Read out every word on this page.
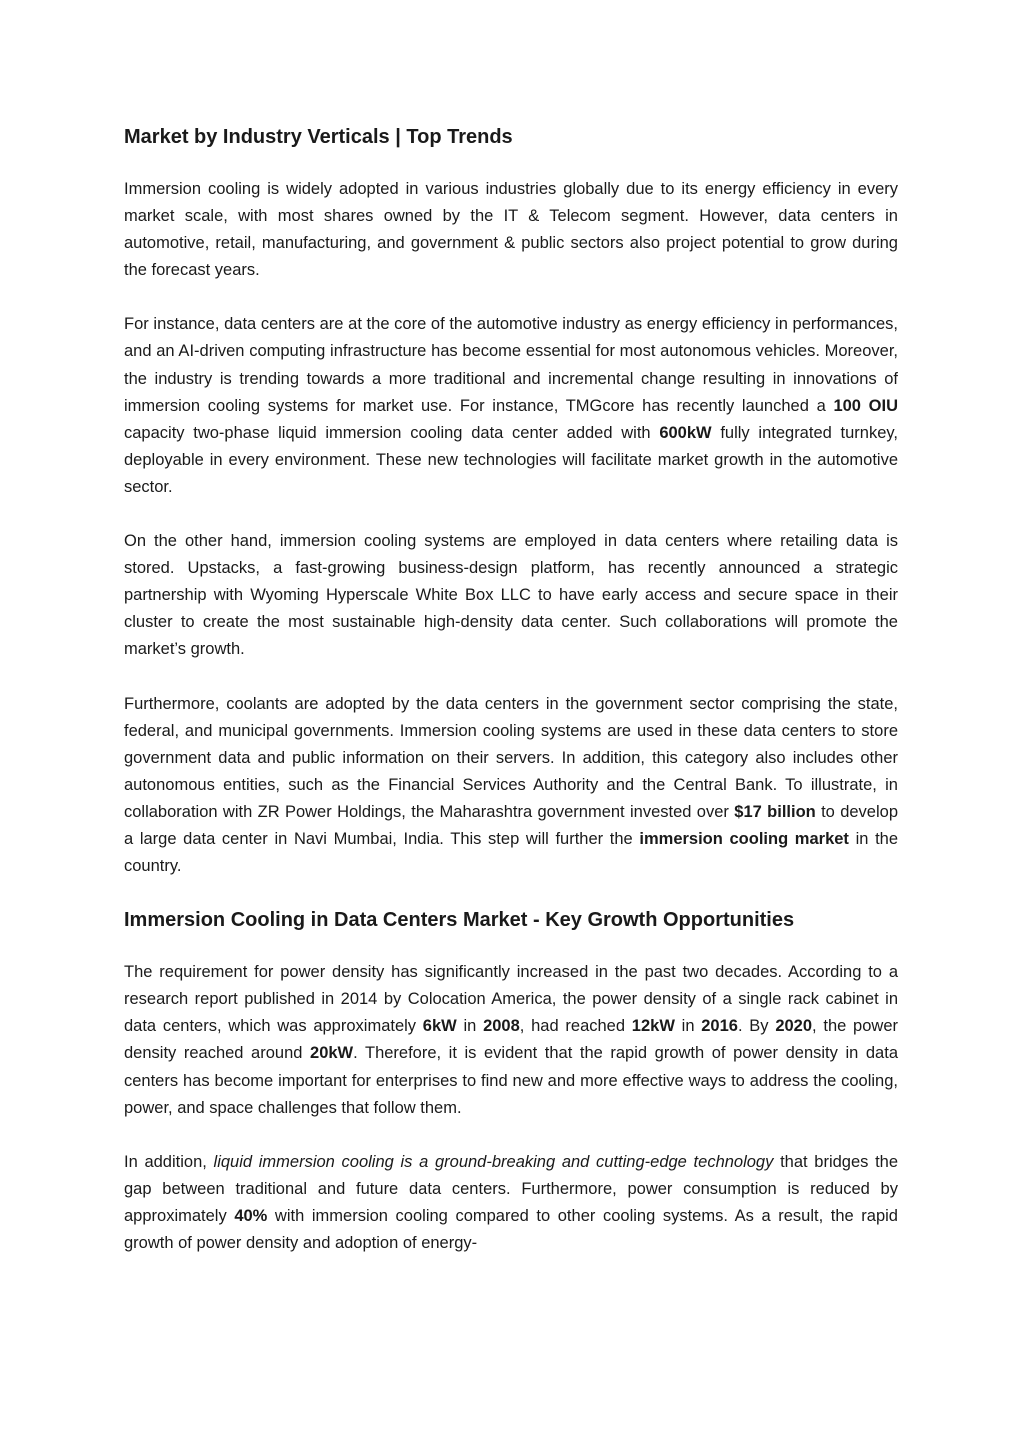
Market by Industry Verticals | Top Trends

Immersion cooling is widely adopted in various industries globally due to its energy efficiency in every market scale, with most shares owned by the IT & Telecom segment. However, data centers in automotive, retail, manufacturing, and government & public sectors also project potential to grow during the forecast years.

For instance, data centers are at the core of the automotive industry as energy efficiency in performances, and an AI-driven computing infrastructure has become essential for most autonomous vehicles. Moreover, the industry is trending towards a more traditional and incremental change resulting in innovations of immersion cooling systems for market use. For instance, TMGcore has recently launched a 100 OIU capacity two-phase liquid immersion cooling data center added with 600kW fully integrated turnkey, deployable in every environment. These new technologies will facilitate market growth in the automotive sector.

On the other hand, immersion cooling systems are employed in data centers where retailing data is stored. Upstacks, a fast-growing business-design platform, has recently announced a strategic partnership with Wyoming Hyperscale White Box LLC to have early access and secure space in their cluster to create the most sustainable high-density data center. Such collaborations will promote the market’s growth.

Furthermore, coolants are adopted by the data centers in the government sector comprising the state, federal, and municipal governments. Immersion cooling systems are used in these data centers to store government data and public information on their servers. In addition, this category also includes other autonomous entities, such as the Financial Services Authority and the Central Bank. To illustrate, in collaboration with ZR Power Holdings, the Maharashtra government invested over $17 billion to develop a large data center in Navi Mumbai, India. This step will further the immersion cooling market in the country.

Immersion Cooling in Data Centers Market - Key Growth Opportunities

The requirement for power density has significantly increased in the past two decades. According to a research report published in 2014 by Colocation America, the power density of a single rack cabinet in data centers, which was approximately 6kW in 2008, had reached 12kW in 2016. By 2020, the power density reached around 20kW. Therefore, it is evident that the rapid growth of power density in data centers has become important for enterprises to find new and more effective ways to address the cooling, power, and space challenges that follow them.

In addition, liquid immersion cooling is a ground-breaking and cutting-edge technology that bridges the gap between traditional and future data centers. Furthermore, power consumption is reduced by approximately 40% with immersion cooling compared to other cooling systems. As a result, the rapid growth of power density and adoption of energy-
